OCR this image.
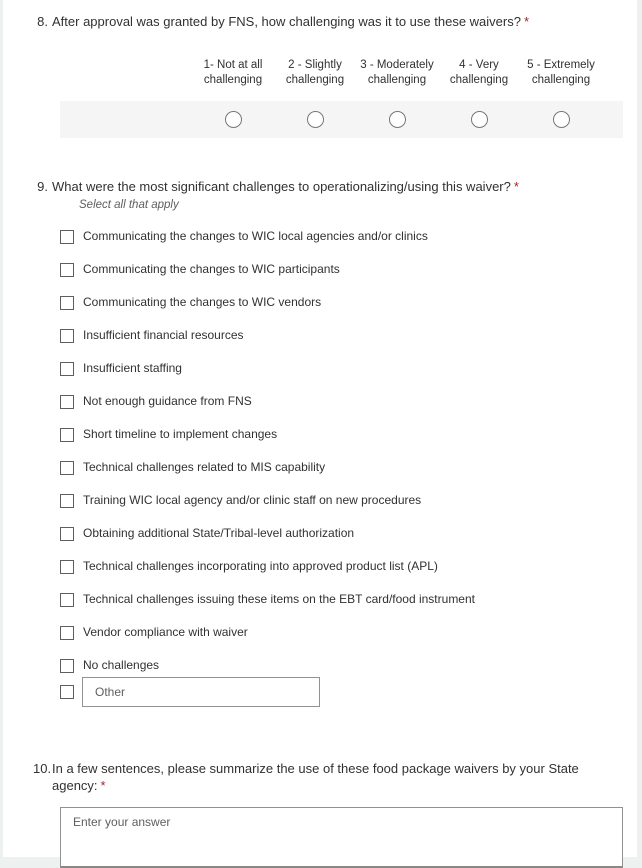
8. After approval was granted by FNS, how challenging was it to use these waivers? *
1- Not at all challenging
2 - Slightly challenging
3 - Moderately challenging
4 - Very challenging
5 - Extremely challenging
9. What were the most significant challenges to operationalizing/using this waiver? *
Select all that apply
Communicating the changes to WIC local agencies and/or clinics
Communicating the changes to WIC participants
Communicating the changes to WIC vendors
Insufficient financial resources
Insufficient staffing
Not enough guidance from FNS
Short timeline to implement changes
Technical challenges related to MIS capability
Training WIC local agency and/or clinic staff on new procedures
Obtaining additional State/Tribal-level authorization
Technical challenges incorporating into approved product list (APL)
Technical challenges issuing these items on the EBT card/food instrument
Vendor compliance with waiver
No challenges
Other
10. In a few sentences, please summarize the use of these food package waivers by your State agency: *
Enter your answer
